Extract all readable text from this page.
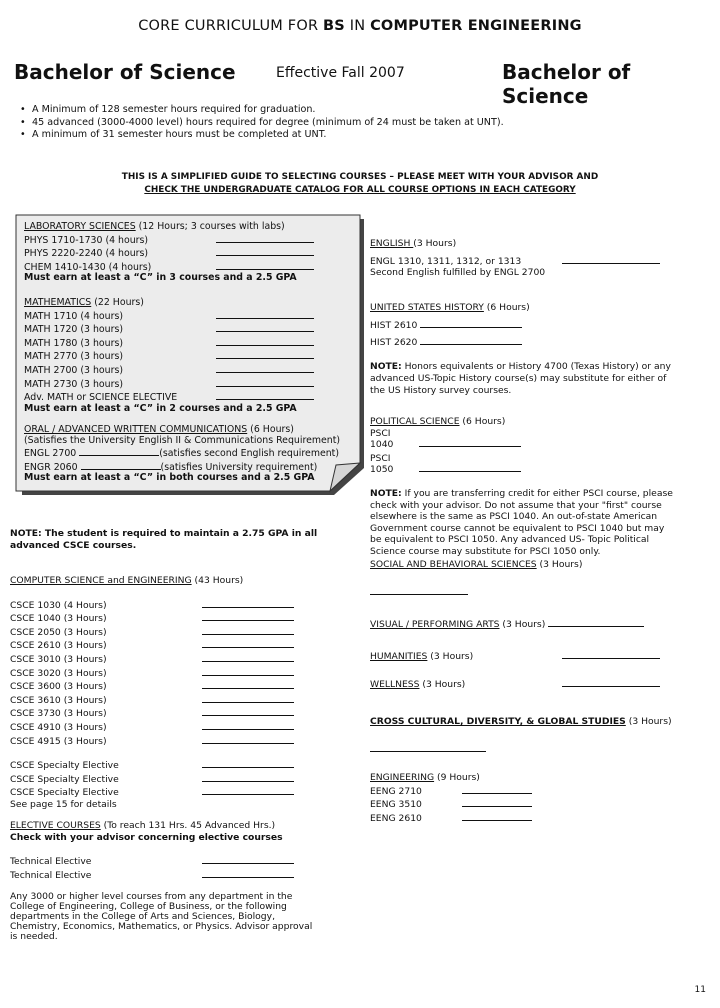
CORE CURRICULUM FOR BS IN COMPUTER ENGINEERING
Bachelor of Science	Effective Fall 2007	Bachelor of Science
• A Minimum of 128 semester hours required for graduation.
• 45 advanced (3000-4000 level) hours required for degree (minimum of 24 must be taken at UNT).
• A minimum of 31 semester hours must be completed at UNT.
THIS IS A SIMPLIFIED GUIDE TO SELECTING COURSES – PLEASE MEET WITH YOUR ADVISOR AND
CHECK THE UNDERGRADUATE CATALOG FOR ALL COURSE OPTIONS IN EACH CATEGORY
LABORATORY SCIENCES (12 Hours; 3 courses with labs)
PHYS 1710-1730 (4 hours)
PHYS 2220-2240 (4 hours)
CHEM 1410-1430 (4 hours)
Must earn at least a “C” in 3 courses and a 2.5 GPA
MATHEMATICS (22 Hours)
MATH 1710 (4 hours)
MATH 1720 (3 hours)
MATH 1780 (3 hours)
MATH 2770 (3 hours)
MATH 2700 (3 hours)
MATH 2730 (3 hours)
Adv. MATH or SCIENCE ELECTIVE
Must earn at least a “C” in 2 courses and a 2.5 GPA
ORAL / ADVANCED WRITTEN COMMUNICATIONS (6 Hours)
(Satisfies the University English II & Communications Requirement)
ENGL 2700	(satisfies second English requirement)
ENGR 2060	(satisfies University requirement)
Must earn at least a “C” in both courses and a 2.5 GPA
NOTE: The student is required to maintain a 2.75 GPA in all
advanced CSCE courses.
COMPUTER SCIENCE and ENGINEERING (43 Hours)
CSCE 1030 (4 Hours)
CSCE 1040 (3 Hours)
CSCE 2050 (3 Hours)
CSCE 2610 (3 Hours)
CSCE 3010 (3 Hours)
CSCE 3020 (3 Hours)
CSCE 3600 (3 Hours)
CSCE 3610 (3 Hours)
CSCE 3730 (3 Hours)
CSCE 4910 (3 Hours)
CSCE 4915 (3 Hours)
CSCE Specialty Elective
CSCE Specialty Elective
CSCE Specialty Elective
See page 15 for details
ELECTIVE COURSES (To reach 131 Hrs. 45 Advanced Hrs.)
Check with your advisor concerning elective courses
Technical Elective
Technical Elective
Any 3000 or higher level courses from any department in the
College of Engineering, College of Business, or the following
departments in the College of Arts and Sciences, Biology,
Chemistry, Economics, Mathematics, or Physics. Advisor approval
is needed.
ENGLISH (3 Hours)
ENGL 1310, 1311, 1312, or 1313
Second English fulfilled by ENGL 2700
UNITED STATES HISTORY (6 Hours)
HIST 2610
HIST 2620
NOTE: Honors equivalents or History 4700 (Texas History) or any
advanced US-Topic History course(s) may substitute for either of
the US History survey courses.
POLITICAL SCIENCE (6 Hours)
PSCI 1040
PSCI 1050
NOTE: If you are transferring credit for either PSCI course, please
check with your advisor. Do not assume that your "first" course
elsewhere is the same as PSCI 1040. An out-of-state American
Government course cannot be equivalent to PSCI 1040 but may
be equivalent to PSCI 1050. Any advanced US- Topic Political
Science course may substitute for PSCI 1050 only.
SOCIAL AND BEHAVIORAL SCIENCES (3 Hours)
VISUAL / PERFORMING ARTS (3 Hours)
HUMANITIES (3 Hours)
WELLNESS (3 Hours)
CROSS CULTURAL, DIVERSITY, & GLOBAL STUDIES (3 Hours)
ENGINEERING (9 Hours)
EENG 2710
EENG 3510
EENG 2610
11
